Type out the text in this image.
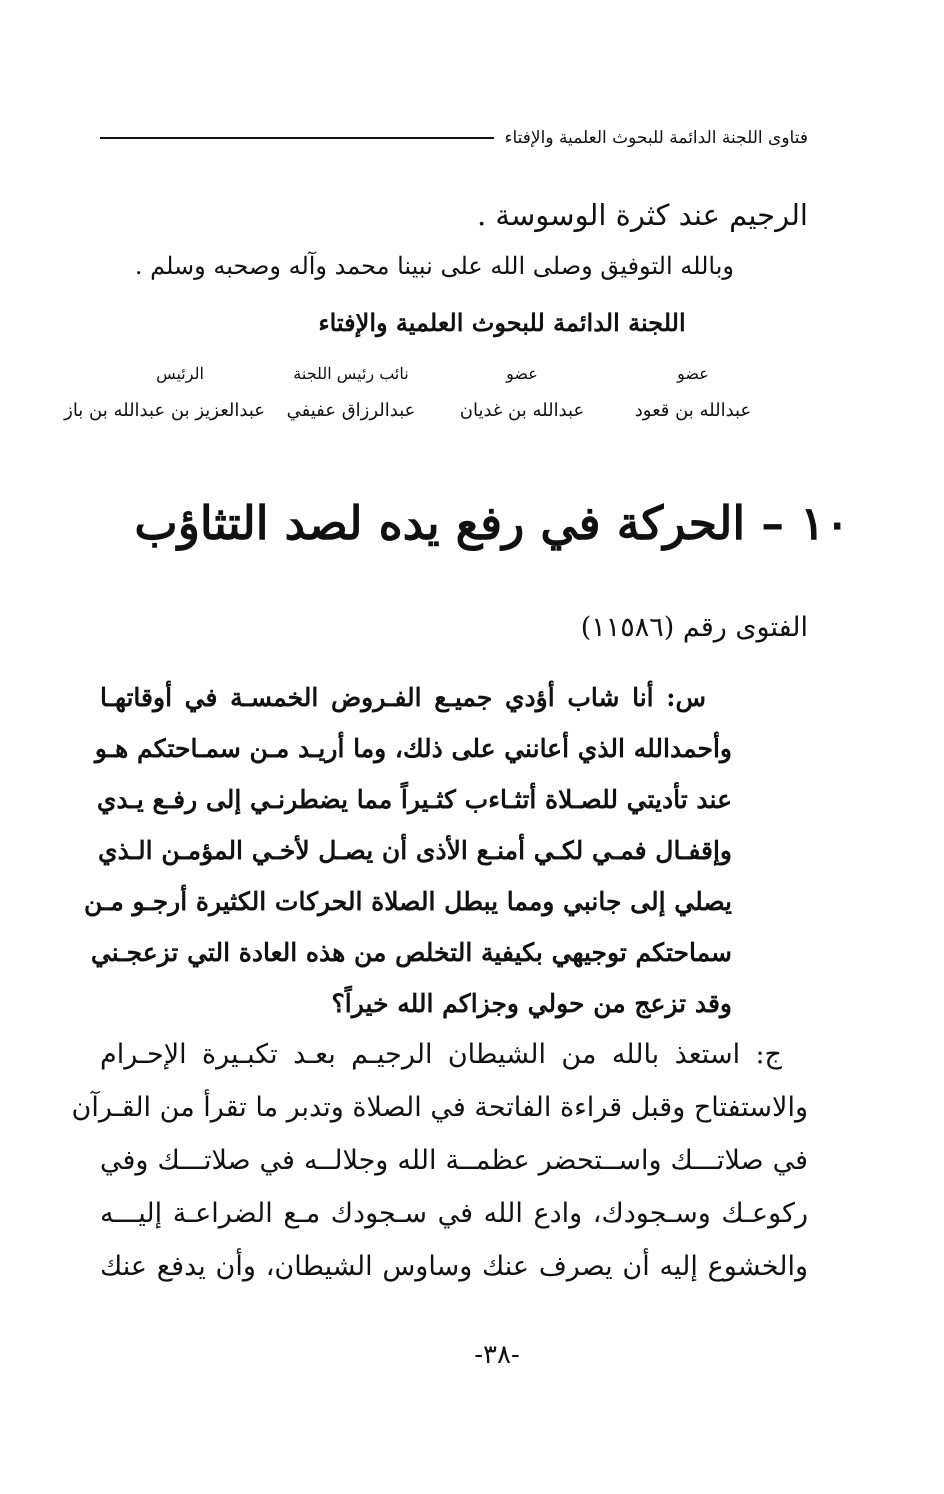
فتاوى اللجنة الدائمة للبحوث العلمية والإفتاء
الرجيم عند كثرة الوسوسة .
وبالله التوفيق وصلى الله على نبينا محمد وآله وصحبه وسلم .
اللجنة الدائمة للبحوث العلمية والإفتاء
عضو
عضو
نائب رئيس اللجنة
الرئيس
عبدالله بن قعود
عبدالله بن غديان
عبدالرزاق عفيفي
عبدالعزيز بن عبدالله بن باز
١٠ – الحركة في رفع يده لصد التثاؤب
الفتوى رقم (١١٥٨٦)
س: أنا شاب أؤدي جميـع الفـروض الخمسـة في أوقاتهـا
وأحمدالله الذي أعانني على ذلك، وما أريـد مـن سمـاحتكم هـو
عند تأديتي للصـلاة أتثـاءب كثـيراً مما يضطرنـي إلى رفـع يـدي
وإقفـال فمـي لكـي أمنـع الأذى أن يصـل لأخـي المؤمـن الـذي
يصلي إلى جانبي ومما يبطل الصلاة الحركات الكثيرة أرجـو مـن
سماحتكم توجيهي بكيفية التخلص من هذه العادة التي تزعجـني
وقد تزعج من حولي وجزاكم الله خيراً؟
ج: استعذ بالله من الشيطان الرجيـم بعـد تكبـيرة الإحـرام
والاستفتاح وقبل قراءة الفاتحة في الصلاة وتدبر ما تقرأ من القـرآن
في صلاتـــك واســتحضر عظمــة الله وجلالــه في صلاتـــك وفي
ركوعـك وسـجودك، وادع الله في سـجودك مـع الضراعـة إليـــه
والخشوع إليه أن يصرف عنك وساوس الشيطان، وأن يدفع عنك
-٣٨-
